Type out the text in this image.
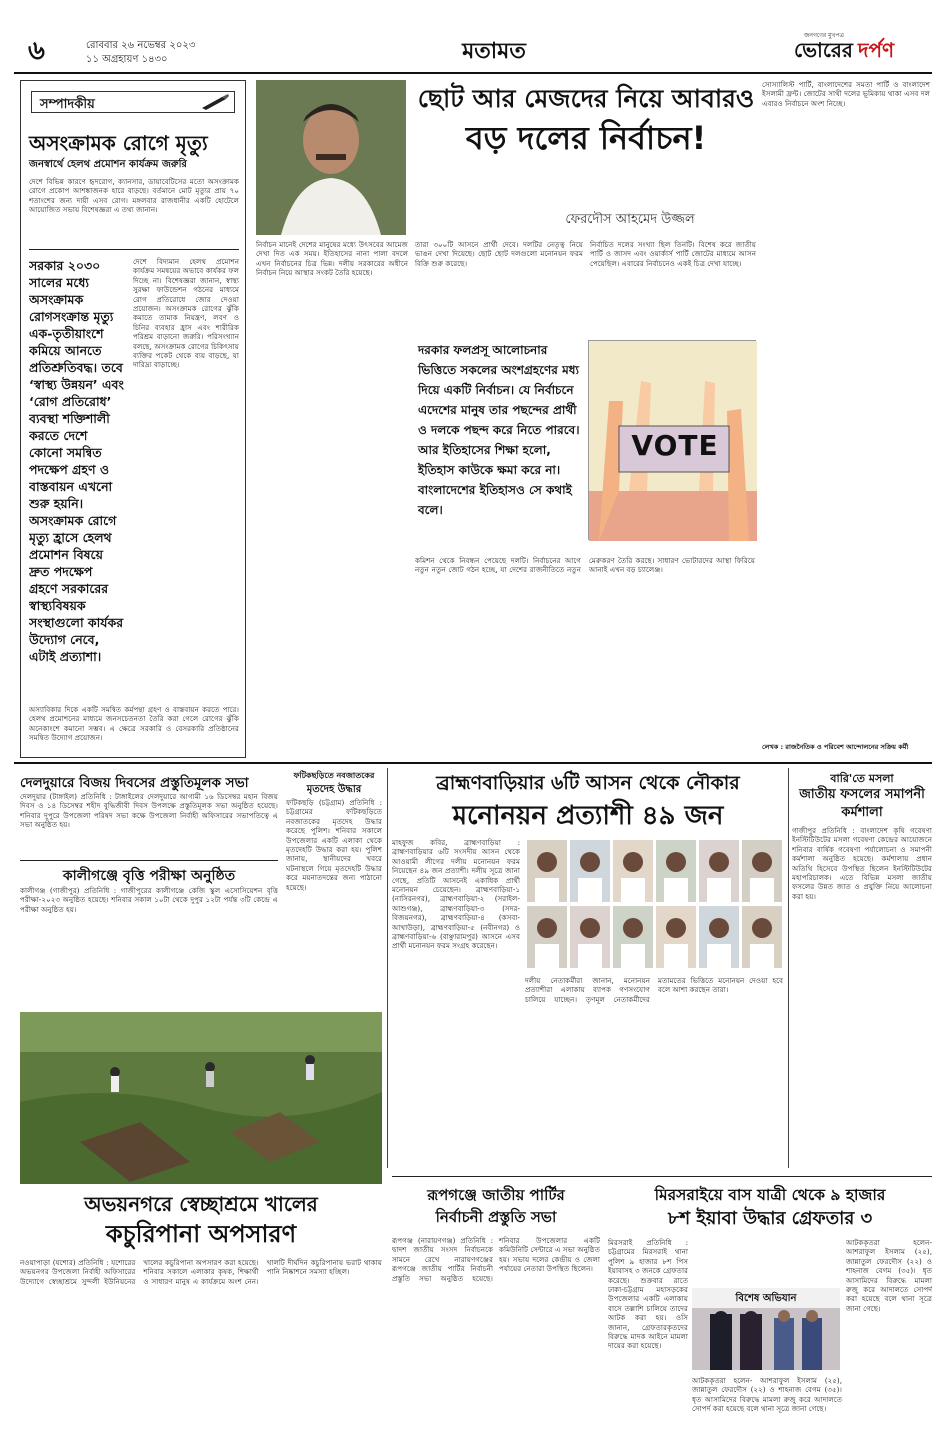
৬	রোববার ২৬ নভেম্বর ২০২৩
১১ অগ্রহায়ণ ১৪৩০	মতামত
জনগণের মুখপত্র
ভোরের দর্পণ
সম্পাদকীয়
অসংক্রামক রোগে মৃত্যু
জনস্বার্থে হেলথ প্রমোশন কার্যক্রম জরুরি
দেশে বিভিন্ন কারণে হৃদরোগ, ক্যানসার, ডায়াবেটিসের মতো অসংক্রামক রোগে প্রকোপ আশঙ্কাজনক হারে বাড়ছে। বর্তমানে মোট মৃত্যুর প্রায় ৭০ শতাংশের জন্য দায়ী এসব রোগ। মঙ্গলবার রাজধানীর একটি হোটেলে আয়োজিত সভায় বিশেষজ্ঞরা এ তথ্য জানান।
সরকার ২০৩০ সালের মধ্যে অসংক্রামক রোগসংক্রান্ত মৃত্যু এক-তৃতীয়াংশে কমিয়ে আনতে প্রতিশ্রুতিবদ্ধ। তবে ‘স্বাস্থ্য উন্নয়ন’ এবং ‘রোগ প্রতিরোধ’ ব্যবস্থা শক্তিশালী করতে দেশে কোনো সমন্বিত পদক্ষেপ গ্রহণ ও বাস্তবায়ন এখনো শুরু হয়নি। অসংক্রামক রোগে মৃত্যু হ্রাসে হেলথ প্রমোশন বিষয়ে দ্রুত পদক্ষেপ গ্রহণে সরকারের স্বাস্থ্যবিষয়ক সংস্থাগুলো কার্যকর উদ্যোগ নেবে, এটাই প্রত্যাশা।
দেশে বিদ্যমান হেলথ প্রমোশন কার্যক্রম সমন্বয়ের অভাবে কার্যকর ফল দিচ্ছে না। বিশেষজ্ঞরা জানান, স্বাস্থ্য সুরক্ষা ফাউন্ডেশন গঠনের মাধ্যমে রোগ প্রতিরোধে জোর দেওয়া প্রয়োজন। অসংক্রামক রোগের ঝুঁকি কমাতে তামাক নিয়ন্ত্রণ, লবণ ও চিনির ব্যবহার হ্রাস এবং শারীরিক পরিশ্রম বাড়ানো জরুরি। পরিসংখ্যান বলছে, অসংক্রামক রোগের চিকিৎসায় ব্যক্তির পকেট থেকে ব্যয় বাড়ছে, যা দারিদ্র্য বাড়াচ্ছে।
অস্যাবিকার দিকে একটি সমন্বিত কর্মপন্থা গ্রহণ ও বাস্তবায়ন করতে পারে। হেলথ প্রমোশনের মাধ্যমে জনসচেতনতা তৈরি করা গেলে রোগের ঝুঁকি অনেকাংশে কমানো সম্ভব। এ ক্ষেত্রে সরকারি ও বেসরকারি প্রতিষ্ঠানের সমন্বিত উদ্যোগ প্রয়োজন।
ছোট আর মেজদের নিয়ে আবারও
বড় দলের নির্বাচন!
ফেরদৌস আহমেদ উজ্জল
নির্বাচন মানেই দেশের মানুষের মধ্যে উৎসবের আমেজ দেখা দিত এক সময়। ইতিহাসের নানা পালা বদলে এখন নির্বাচনের চিত্র ভিন্ন। দলীয় সরকারের অধীনে নির্বাচন নিয়ে আস্থার সংকট তৈরি হয়েছে।
তারা ৩০০টি আসনে প্রার্থী দেবে। দলটির নেতৃত্ব নিয়ে ভাঙন দেখা দিয়েছে। ছোট ছোট দলগুলো মনোনয়ন ফরম বিক্রি শুরু করেছে।
নির্বাচিত দলের সংখ্যা ছিল তিনটি। বিশেষ করে জাতীয় পার্টি ও জাসদ এবং ওয়ার্কার্স পার্টি জোটের মাধ্যমে আসন পেয়েছিল। এবারের নির্বাচনেও একই চিত্র দেখা যাচ্ছে।
সোস্যালিস্ট পার্টি, বাংলাদেশের সমতা পার্টি ও বাংলাদেশ ইসলামী ফ্রন্ট। জোটের সাথী দলের ভূমিকায় থাকা এসব দল এবারও নির্বাচনে অংশ নিচ্ছে।
দরকার ফলপ্রসূ আলোচনার ভিত্তিতে সকলের অংশগ্রহণের মধ্য দিয়ে একটি নির্বাচন। যে নির্বাচনে এদেশের মানুষ তার পছন্দের প্রার্থী ও দলকে পছন্দ করে নিতে পারবে। আর ইতিহাসের শিক্ষা হলো, ইতিহাস কাউকে ক্ষমা করে না। বাংলাদেশের ইতিহাসও সে কথাই বলে।
VOTE
কমিশন থেকে নিবন্ধন পেয়েছে দলটি। নির্বাচনের আগে নতুন নতুন জোট গঠন হচ্ছে, যা দেশের রাজনীতিতে নতুন মেরুকরণ তৈরি করছে। সাধারণ ভোটারদের আস্থা ফিরিয়ে আনাই এখন বড় চ্যালেঞ্জ।
লেখক : রাজনৈতিক ও পরিবেশ আন্দোলনের সক্রিয় কর্মী
দেলদুয়ারে বিজয় দিবসের প্রস্তুতিমূলক সভা
দেলদুয়ার (টাঙ্গাইল) প্রতিনিধি : টাঙ্গাইলের দেলদুয়ারে আগামী ১৬ ডিসেম্বর মহান বিজয় দিবস ও ১৪ ডিসেম্বর শহীদ বুদ্ধিজীবী দিবস উপলক্ষে প্রস্তুতিমূলক সভা অনুষ্ঠিত হয়েছে। শনিবার দুপুরে উপজেলা পরিষদ সভা কক্ষে উপজেলা নির্বাহী অফিসারের সভাপতিত্বে এ সভা অনুষ্ঠিত হয়।
কালীগঞ্জে বৃত্তি পরীক্ষা অনুষ্ঠিত
কালীগঞ্জ (গাজীপুর) প্রতিনিধি : গাজীপুরের কালীগঞ্জে কেজি স্কুল এসোসিয়েশন বৃত্তি পরীক্ষা-২০২৩ অনুষ্ঠিত হয়েছে। শনিবার সকাল ১০টা থেকে দুপুর ১২টা পর্যন্ত ৩টি কেন্দ্রে এ পরীক্ষা অনুষ্ঠিত হয়।
ফটিকছড়িতে নবজাতকের
মৃতদেহ উদ্ধার
ফটিকছড়ি (চট্টগ্রাম) প্রতিনিধি : চট্টগ্রামের ফটিকছড়িতে নবজাতকের মৃতদেহ উদ্ধার করেছে পুলিশ। শনিবার সকালে উপজেলার একটি এলাকা থেকে মৃতদেহটি উদ্ধার করা হয়। পুলিশ জানায়, স্থানীয়দের খবরে ঘটনাস্থলে গিয়ে মৃতদেহটি উদ্ধার করে ময়নাতদন্তের জন্য পাঠানো হয়েছে।
অভয়নগরে স্বেচ্ছাশ্রমে খালের
কচুরিপানা অপসারণ
নওয়াপাড়া (যশোর) প্রতিনিধি : যশোরের অভয়নগর উপজেলা নির্বাহী অফিসারের উদ্যোগে স্বেচ্ছাশ্রমে সুন্দলী ইউনিয়নের খালের কচুরিপানা অপসারণ করা হয়েছে। শনিবার সকালে এলাকার কৃষক, শিক্ষার্থী ও সাধারণ মানুষ এ কার্যক্রমে অংশ নেন। খালটি দীর্ঘদিন কচুরিপানায় ভরাট থাকায় পানি নিষ্কাশনে সমস্যা হচ্ছিল।
ব্রাহ্মণবাড়িয়ার ৬টি আসন থেকে নৌকার
মনোনয়ন প্রত্যাশী ৪৯ জন
মাহফুজ কবির, ব্রাহ্মণবাড়িয়া : ব্রাহ্মণবাড়িয়ার ৬টি সংসদীয় আসন থেকে আওয়ামী লীগের দলীয় মনোনয়ন ফরম নিয়েছেন ৪৯ জন প্রত্যাশী। দলীয় সূত্রে জানা গেছে, প্রতিটি আসনেই একাধিক প্রার্থী মনোনয়ন চেয়েছেন। ব্রাহ্মণবাড়িয়া-১ (নাসিরনগর), ব্রাহ্মণবাড়িয়া-২ (সরাইল-আশুগঞ্জ), ব্রাহ্মণবাড়িয়া-৩ (সদর-বিজয়নগর), ব্রাহ্মণবাড়িয়া-৪ (কসবা-আখাউড়া), ব্রাহ্মণবাড়িয়া-৫ (নবীনগর) ও ব্রাহ্মণবাড়িয়া-৬ (বাঞ্ছারামপুর) আসনে এসব প্রার্থী মনোনয়ন ফরম সংগ্রহ করেছেন।
দলীয় নেতাকর্মীরা জানান, মনোনয়ন প্রত্যাশীরা এলাকায় ব্যাপক গণসংযোগ চালিয়ে যাচ্ছেন। তৃণমূল নেতাকর্মীদের মতামতের ভিত্তিতে মনোনয়ন দেওয়া হবে বলে আশা করছেন তারা।
বারি'তে মসলা
জাতীয় ফসলের সমাপনী কর্মশালা
গাজীপুর প্রতিনিধি : বাংলাদেশ কৃষি গবেষণা ইনস্টিটিউটের মসলা গবেষণা কেন্দ্রের আয়োজনে শনিবার বার্ষিক গবেষণা পর্যালোচনা ও সমাপনী কর্মশালা অনুষ্ঠিত হয়েছে। কর্মশালায় প্রধান অতিথি হিসেবে উপস্থিত ছিলেন ইনস্টিটিউটের মহাপরিচালক। এতে বিভিন্ন মসলা জাতীয় ফসলের উন্নত জাত ও প্রযুক্তি নিয়ে আলোচনা করা হয়।
রূপগঞ্জে জাতীয় পার্টির
নির্বাচনী প্রস্তুতি সভা
রূপগঞ্জ (নারায়ণগঞ্জ) প্রতিনিধি : দ্বাদশ জাতীয় সংসদ নির্বাচনকে সামনে রেখে নারায়ণগঞ্জের রূপগঞ্জে জাতীয় পার্টির নির্বাচনী প্রস্তুতি সভা অনুষ্ঠিত হয়েছে। শনিবার উপজেলার একটি কমিউনিটি সেন্টারে এ সভা অনুষ্ঠিত হয়। সভায় দলের কেন্দ্রীয় ও জেলা পর্যায়ের নেতারা উপস্থিত ছিলেন।
মিরসরাইয়ে বাস যাত্রী থেকে ৯ হাজার
৮শ ইয়াবা উদ্ধার গ্রেফতার ৩
মিরসরাই প্রতিনিধি : চট্টগ্রামের মিরসরাই থানা পুলিশ ৯ হাজার ৮শ পিস ইয়াবাসহ ৩ জনকে গ্রেফতার করেছে। শুক্রবার রাতে ঢাকা-চট্টগ্রাম মহাসড়কের উপজেলার একটি এলাকায় বাসে তল্লাশি চালিয়ে তাদের আটক করা হয়। ওসি জানান, গ্রেফতারকৃতদের বিরুদ্ধে মাদক আইনে মামলা দায়ের করা হয়েছে।
বিশেষ অভিযান
আটককৃতরা হলেন- আশরাফুল ইসলাম (২৫), জান্নাতুল ফেরদৌস (২২) ও শাহনাজ বেগম (৩৫)। ধৃত আসামিদের বিরুদ্ধে মামলা রুজু করে আদালতে সোপর্দ করা হয়েছে বলে থানা সূত্রে জানা গেছে।
আটককৃতরা হলেন- আশরাফুল ইসলাম (২৫), জান্নাতুল ফেরদৌস (২২) ও শাহনাজ বেগম (৩৫)। ধৃত আসামিদের বিরুদ্ধে মামলা রুজু করে আদালতে সোপর্দ করা হয়েছে বলে থানা সূত্রে জানা গেছে।
